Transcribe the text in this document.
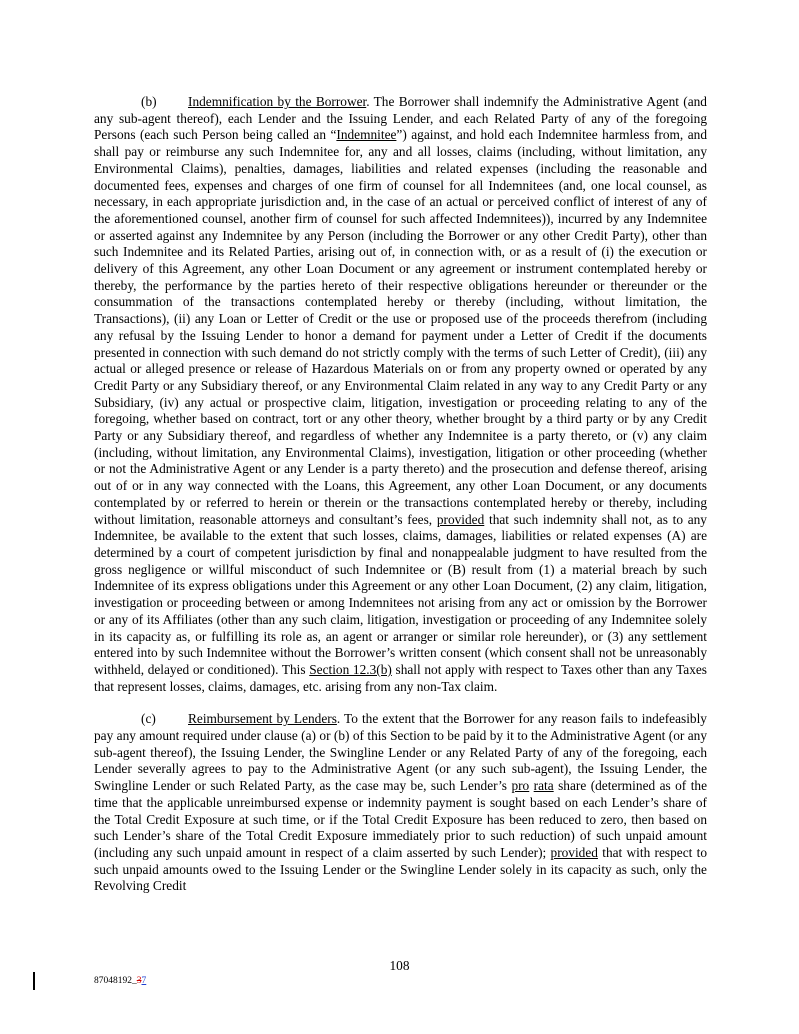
(b) Indemnification by the Borrower. The Borrower shall indemnify the Administrative Agent (and any sub-agent thereof), each Lender and the Issuing Lender, and each Related Party of any of the foregoing Persons (each such Person being called an “Indemnitee”) against, and hold each Indemnitee harmless from, and shall pay or reimburse any such Indemnitee for, any and all losses, claims (including, without limitation, any Environmental Claims), penalties, damages, liabilities and related expenses (including the reasonable and documented fees, expenses and charges of one firm of counsel for all Indemnitees (and, one local counsel, as necessary, in each appropriate jurisdiction and, in the case of an actual or perceived conflict of interest of any of the aforementioned counsel, another firm of counsel for such affected Indemnitees)), incurred by any Indemnitee or asserted against any Indemnitee by any Person (including the Borrower or any other Credit Party), other than such Indemnitee and its Related Parties, arising out of, in connection with, or as a result of (i) the execution or delivery of this Agreement, any other Loan Document or any agreement or instrument contemplated hereby or thereby, the performance by the parties hereto of their respective obligations hereunder or thereunder or the consummation of the transactions contemplated hereby or thereby (including, without limitation, the Transactions), (ii) any Loan or Letter of Credit or the use or proposed use of the proceeds therefrom (including any refusal by the Issuing Lender to honor a demand for payment under a Letter of Credit if the documents presented in connection with such demand do not strictly comply with the terms of such Letter of Credit), (iii) any actual or alleged presence or release of Hazardous Materials on or from any property owned or operated by any Credit Party or any Subsidiary thereof, or any Environmental Claim related in any way to any Credit Party or any Subsidiary, (iv) any actual or prospective claim, litigation, investigation or proceeding relating to any of the foregoing, whether based on contract, tort or any other theory, whether brought by a third party or by any Credit Party or any Subsidiary thereof, and regardless of whether any Indemnitee is a party thereto, or (v) any claim (including, without limitation, any Environmental Claims), investigation, litigation or other proceeding (whether or not the Administrative Agent or any Lender is a party thereto) and the prosecution and defense thereof, arising out of or in any way connected with the Loans, this Agreement, any other Loan Document, or any documents contemplated by or referred to herein or therein or the transactions contemplated hereby or thereby, including without limitation, reasonable attorneys and consultant’s fees, provided that such indemnity shall not, as to any Indemnitee, be available to the extent that such losses, claims, damages, liabilities or related expenses (A) are determined by a court of competent jurisdiction by final and nonappealable judgment to have resulted from the gross negligence or willful misconduct of such Indemnitee or (B) result from (1) a material breach by such Indemnitee of its express obligations under this Agreement or any other Loan Document, (2) any claim, litigation, investigation or proceeding between or among Indemnitees not arising from any act or omission by the Borrower or any of its Affiliates (other than any such claim, litigation, investigation or proceeding of any Indemnitee solely in its capacity as, or fulfilling its role as, an agent or arranger or similar role hereunder), or (3) any settlement entered into by such Indemnitee without the Borrower’s written consent (which consent shall not be unreasonably withheld, delayed or conditioned). This Section 12.3(b) shall not apply with respect to Taxes other than any Taxes that represent losses, claims, damages, etc. arising from any non-Tax claim.

(c) Reimbursement by Lenders. To the extent that the Borrower for any reason fails to indefeasibly pay any amount required under clause (a) or (b) of this Section to be paid by it to the Administrative Agent (or any sub-agent thereof), the Issuing Lender, the Swingline Lender or any Related Party of any of the foregoing, each Lender severally agrees to pay to the Administrative Agent (or any such sub-agent), the Issuing Lender, the Swingline Lender or such Related Party, as the case may be, such Lender’s pro rata share (determined as of the time that the applicable unreimbursed expense or indemnity payment is sought based on each Lender’s share of the Total Credit Exposure at such time, or if the Total Credit Exposure has been reduced to zero, then based on such Lender’s share of the Total Credit Exposure immediately prior to such reduction) of such unpaid amount (including any such unpaid amount in respect of a claim asserted by such Lender); provided that with respect to such unpaid amounts owed to the Issuing Lender or the Swingline Lender solely in its capacity as such, only the Revolving Credit

108
87048192_37
